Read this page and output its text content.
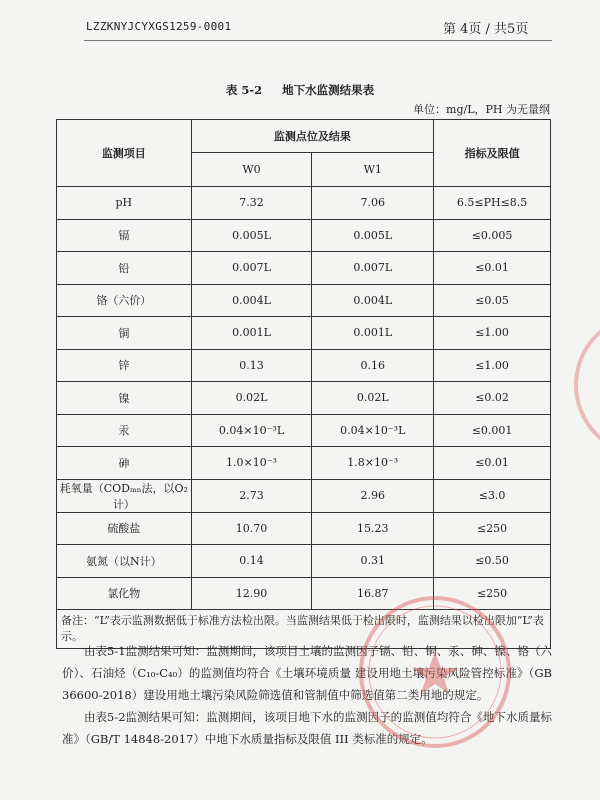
LZZKNYJCYXGS1259-0001	第 4页 / 共5页
表 5-2 地下水监测结果表
单位：mg/L，PH 为无量纲
监测项目	监测点位及结果		指标及限值
	W0	W1	
pH	7.32	7.06	6.5≤PH≤8.5
镉	0.005L	0.005L	≤0.005
铅	0.007L	0.007L	≤0.01
铬（六价）	0.004L	0.004L	≤0.05
铜	0.001L	0.001L	≤1.00
锌	0.13	0.16	≤1.00
镍	0.02L	0.02L	≤0.02
汞	0.04×10⁻³L	0.04×10⁻³L	≤0.001
砷	1.0×10⁻³	1.8×10⁻³	≤0.01
耗氧量（CODₘₙ法，以O₂计）	2.73	2.96	≤3.0
硫酸盐	10.70	15.23	≤250
氨氮（以N计）	0.14	0.31	≤0.50
氯化物	12.90	16.87	≤250
备注：“L”表示监测数据低于标准方法检出限。当监测结果低于检出限时，监测结果以检出限加“L”表示。			
由表5-1监测结果可知：监测期间，该项目土壤的监测因子镉、铅、铜、汞、砷、镍、铬（六价）、石油烃（C₁₀-C₄₀）的监测值均符合《土壤环境质量 建设用地土壤污染风险管控标准》（GB 36600-2018）建设用地土壤污染风险筛选值和管制值中筛选值第二类用地的规定。
由表5-2监测结果可知：监测期间，该项目地下水的监测因子的监测值均符合《地下水质量标准》（GB/T 14848-2017）中地下水质量指标及限值 III 类标准的规定。
